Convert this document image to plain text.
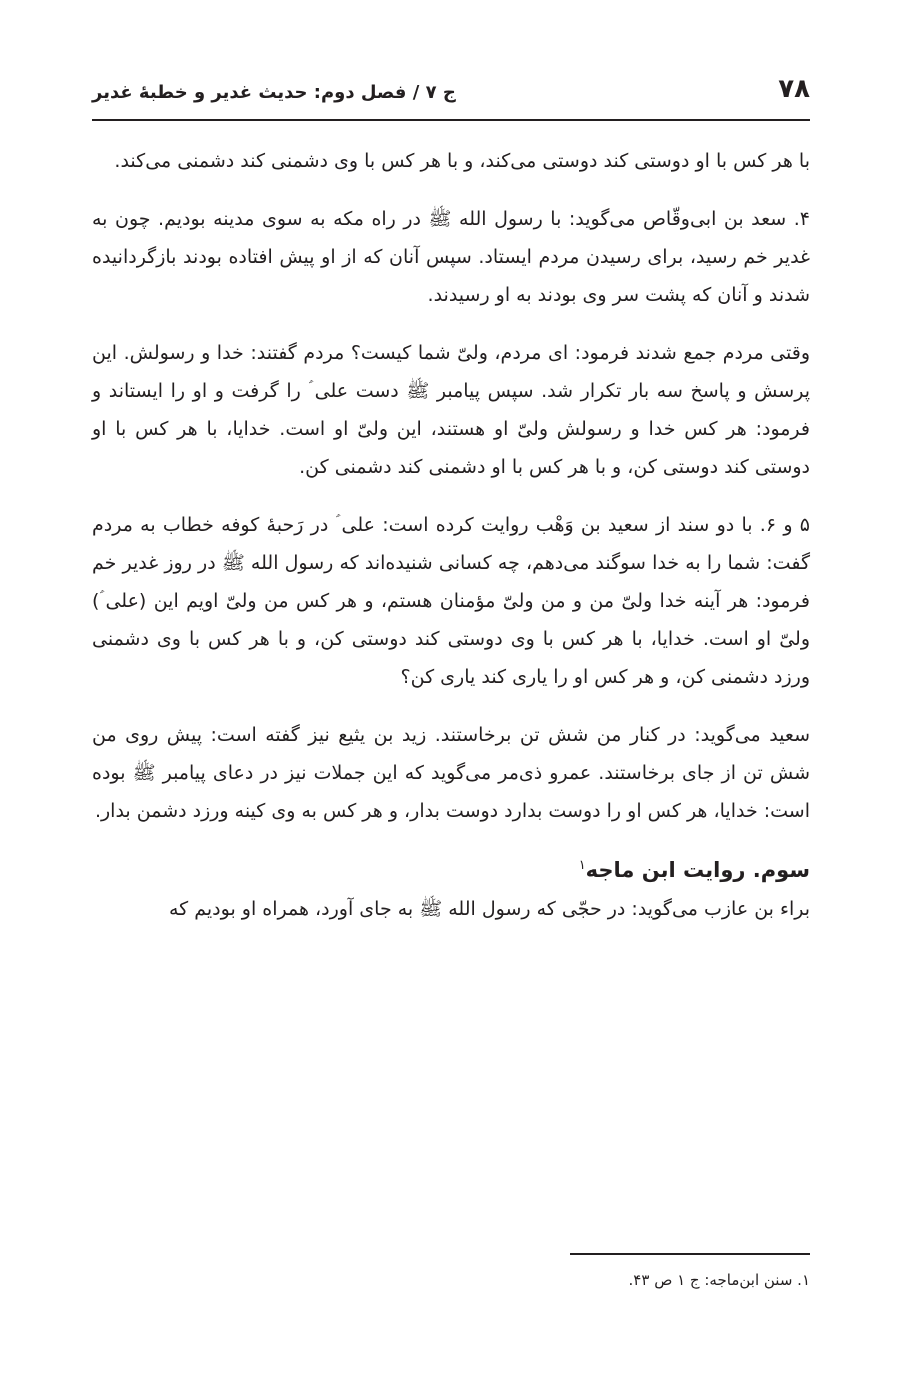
۷۸
ج ۷ / فصل دوم: حدیث غدیر و خطبهٔ غدیر

با هر کس با او دوستی کند دوستی می‌کند، و با هر کس با وی دشمنی کند دشمنی می‌کند.

۴. سعد بن ابی‌وقّاص می‌گوید: با رسول الله ﷺ در راه مکه به سوی مدینه بودیم. چون به غدیر خم رسید، برای رسیدن مردم ایستاد. سپس آنان که از او پیش افتاده بودند بازگردانیده شدند و آنان که پشت سر وی بودند به او رسیدند.

وقتی مردم جمع شدند فرمود: ای مردم، ولیّ شما کیست؟ مردم گفتند: خدا و رسولش. این پرسش و پاسخ سه بار تکرار شد. سپس پیامبر ﷺ دست علی ؑ را گرفت و او را ایستاند و فرمود: هر کس خدا و رسولش ولیّ او هستند، این ولیّ او است. خدایا، با هر کس با او دوستی کند دوستی کن، و با هر کس با او دشمنی کند دشمنی کن.

۵ و ۶. با دو سند از سعید بن وَهْب روایت کرده است: علی ؑ در رَحبهٔ کوفه خطاب به مردم گفت: شما را به خدا سوگند می‌دهم، چه کسانی شنیده‌اند که رسول الله ﷺ در روز غدیر خم فرمود: هر آینه خدا ولیّ من و من ولیّ مؤمنان هستم، و هر کس من ولیّ اویم این (علی ؑ) ولیّ او است. خدایا، با هر کس با وی دوستی کند دوستی کن، و با هر کس با وی دشمنی ورزد دشمنی کن، و هر کس او را یاری کند یاری کن؟

سعید می‌گوید: در کنار من شش تن برخاستند. زید بن یثیع نیز گفته است: پیش روی من شش تن از جای برخاستند. عمرو ذی‌مر می‌گوید که این جملات نیز در دعای پیامبر ﷺ بوده است: خدایا، هر کس او را دوست بدارد دوست بدار، و هر کس به وی کینه ورزد دشمن بدار.

سوم. روایت ابن ماجه$^۱$

براء بن عازب می‌گوید: در حجّی که رسول الله ﷺ به جای آورد، همراه او بودیم که

۱. سنن ابن‌ماجه: ج ۱ ص ۴۳.
